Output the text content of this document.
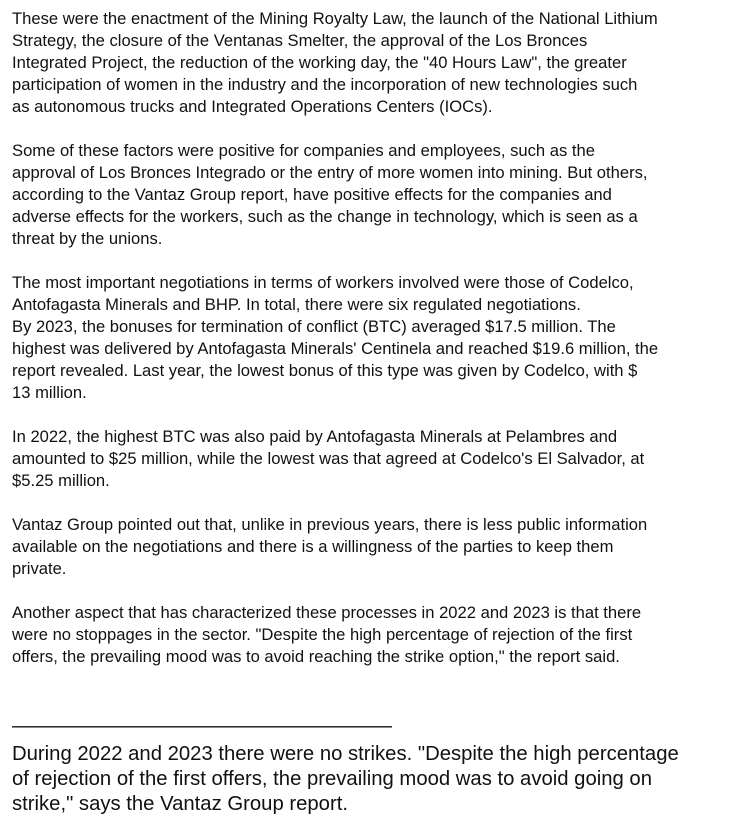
These were the enactment of the Mining Royalty Law, the launch of the National Lithium
Strategy, the closure of the Ventanas Smelter, the approval of the Los Bronces
Integrated Project, the reduction of the working day, the "40 Hours Law", the greater
participation of women in the industry and the incorporation of new technologies such
as autonomous trucks and Integrated Operations Centers (IOCs).

Some of these factors were positive for companies and employees, such as the
approval of Los Bronces Integrado or the entry of more women into mining. But others,
according to the Vantaz Group report, have positive effects for the companies and
adverse effects for the workers, such as the change in technology, which is seen as a
threat by the unions.

The most important negotiations in terms of workers involved were those of Codelco,
Antofagasta Minerals and BHP. In total, there were six regulated negotiations.
By 2023, the bonuses for termination of conflict (BTC) averaged $17.5 million. The
highest was delivered by Antofagasta Minerals' Centinela and reached $19.6 million, the
report revealed. Last year, the lowest bonus of this type was given by Codelco, with $
13 million.

In 2022, the highest BTC was also paid by Antofagasta Minerals at Pelambres and
amounted to $25 million, while the lowest was that agreed at Codelco's El Salvador, at
$5.25 million.

Vantaz Group pointed out that, unlike in previous years, there is less public information
available on the negotiations and there is a willingness of the parties to keep them
private.

Another aspect that has characterized these processes in 2022 and 2023 is that there
were no stoppages in the sector. "Despite the high percentage of rejection of the first
offers, the prevailing mood was to avoid reaching the strike option," the report said.

———————————————————

During 2022 and 2023 there were no strikes. "Despite the high percentage
of rejection of the first offers, the prevailing mood was to avoid going on
strike," says the Vantaz Group report.
